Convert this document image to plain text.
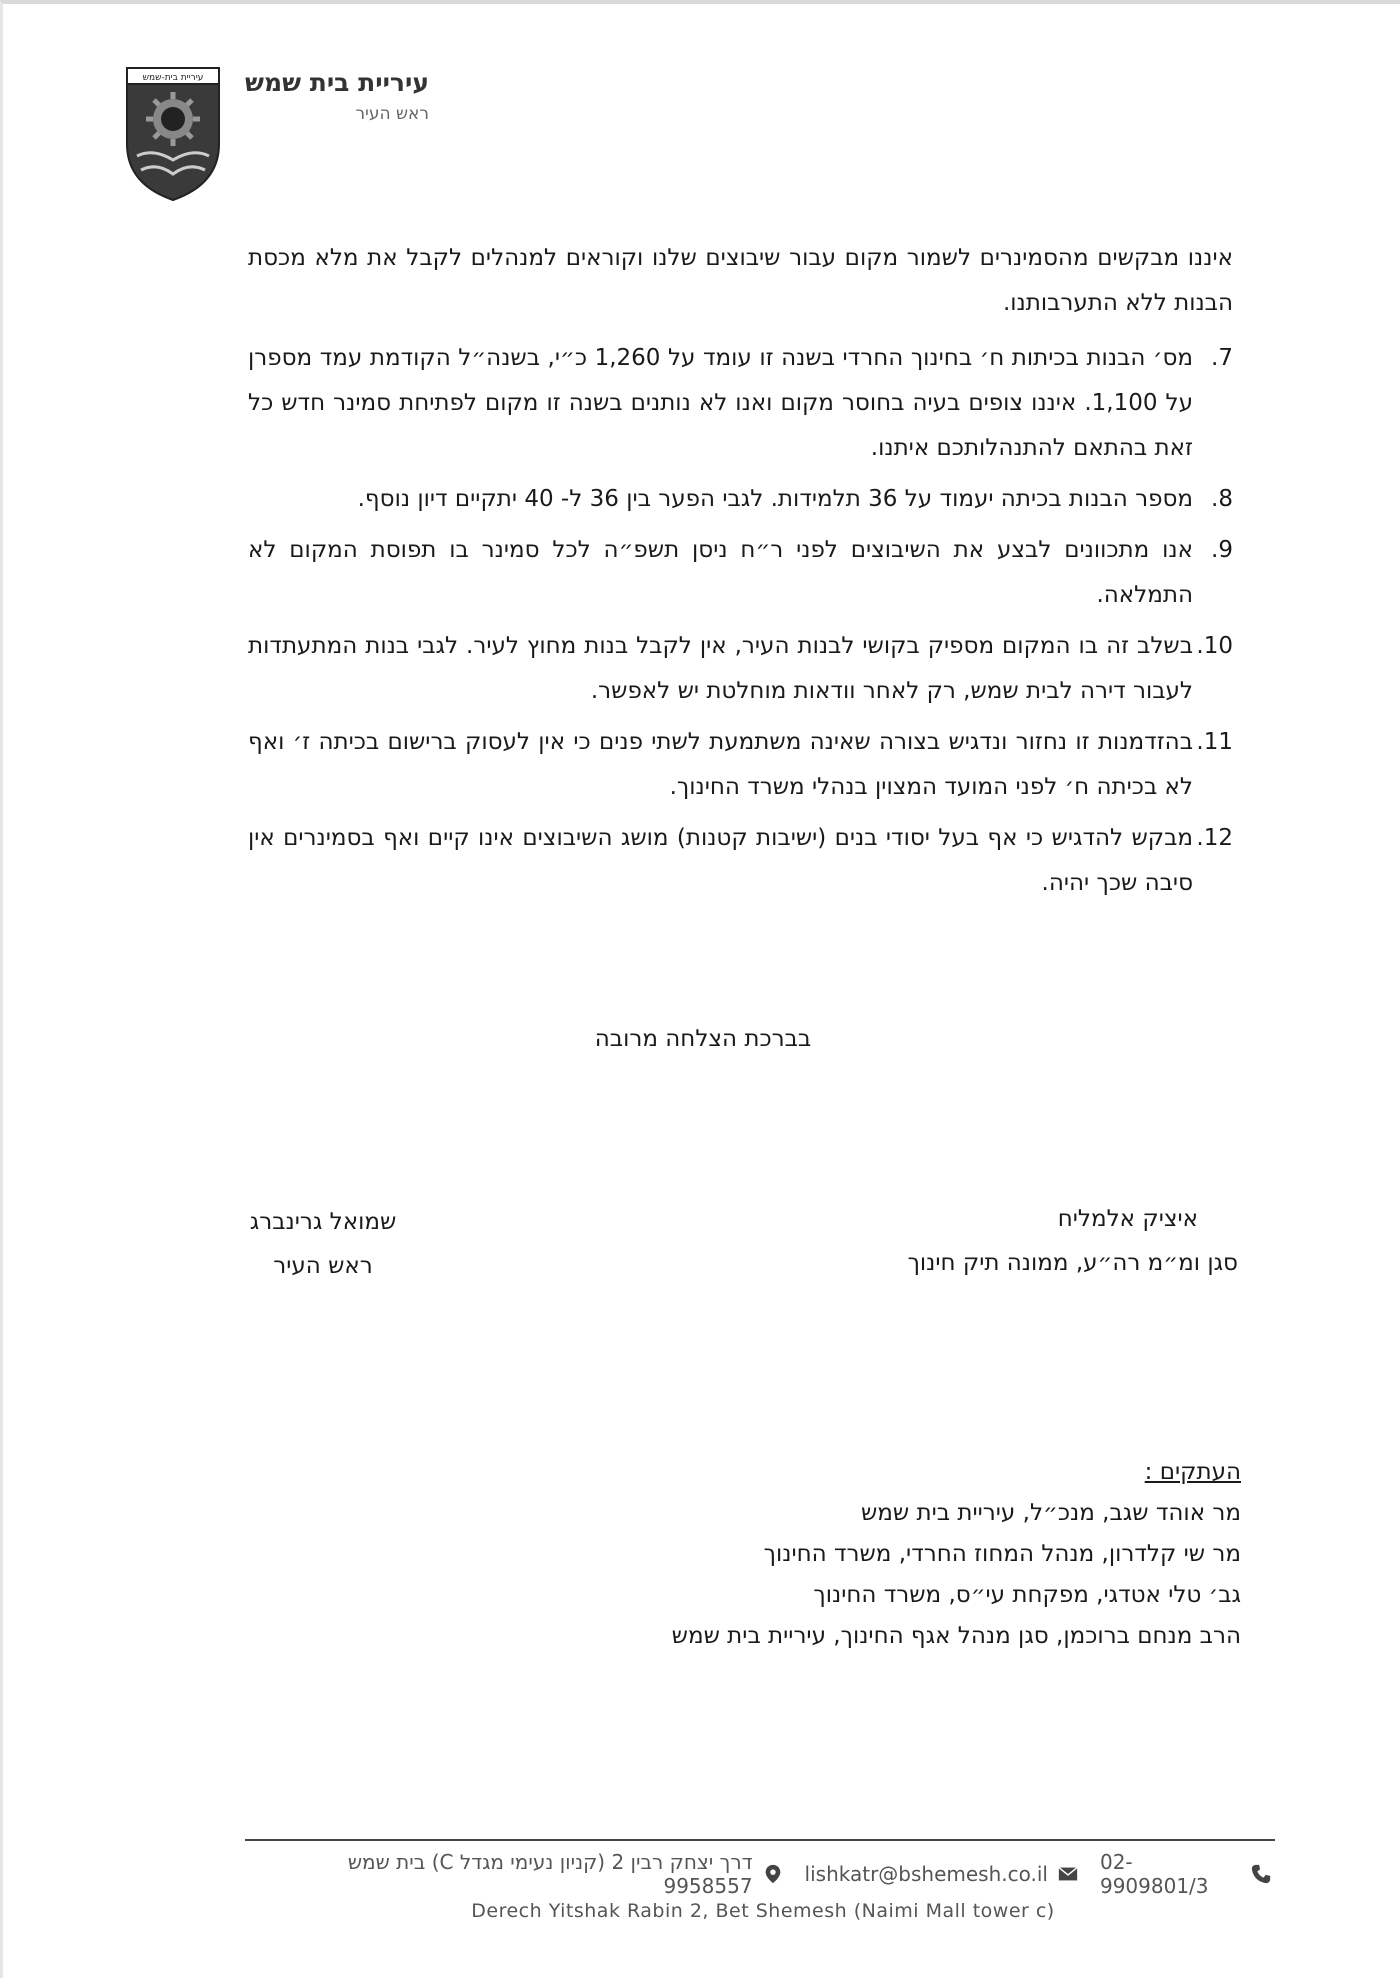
עיריית בית-שמש עיריית בית שמש
ראש העיר

איננו מבקשים מהסמינרים לשמור מקום עבור שיבוצים שלנו וקוראים למנהלים לקבל את מלא מכסת הבנות ללא התערבותנו.

7.
מס׳ הבנות בכיתות ח׳ בחינוך החרדי בשנה זו עומד על 1,260 כ״י, בשנה״ל הקודמת עמד מספרן על 1,100. איננו צופים בעיה בחוסר מקום ואנו לא נותנים בשנה זו מקום לפתיחת סמינר חדש כל זאת בהתאם להתנהלותכם איתנו.
8.
מספר הבנות בכיתה יעמוד על 36 תלמידות. לגבי הפער בין 36 ל- 40 יתקיים דיון נוסף.
9.
אנו מתכוונים לבצע את השיבוצים לפני ר״ח ניסן תשפ״ה לכל סמינר בו תפוסת המקום לא התמלאה.
10.
בשלב זה בו המקום מספיק בקושי לבנות העיר, אין לקבל בנות מחוץ לעיר. לגבי בנות המתעתדות לעבור דירה לבית שמש, רק לאחר וודאות מוחלטת יש לאפשר.
11.
בהזדמנות זו נחזור ונדגיש בצורה שאינה משתמעת לשתי פנים כי אין לעסוק ברישום בכיתה ז׳ ואף לא בכיתה ח׳ לפני המועד המצוין בנהלי משרד החינוך.
12.
מבקש להדגיש כי אף בעל יסודי בנים (ישיבות קטנות) מושג השיבוצים אינו קיים ואף בסמינרים אין סיבה שכך יהיה.
בברכת הצלחה מרובה
איציק אלמליח
סגן ומ״מ רה״ע, ממונה תיק חינוך
שמואל גרינברג
ראש העיר
העתקים :
מר אוהד שגב, מנכ״ל, עיריית בית שמש
מר שי קלדרון, מנהל המחוז החרדי, משרד החינוך
גב׳ טלי אטדגי, מפקחת עי״ס, משרד החינוך
הרב מנחם ברוכמן, סגן מנהל אגף החינוך, עיריית בית שמש
דרך יצחק רבין 2 (קניון נעימי מגדל C) בית שמש 9958557	lishkatr@bshemesh.co.il	02-9909801/3
Derech Yitshak Rabin 2, Bet Shemesh (Naimi Mall tower c)
